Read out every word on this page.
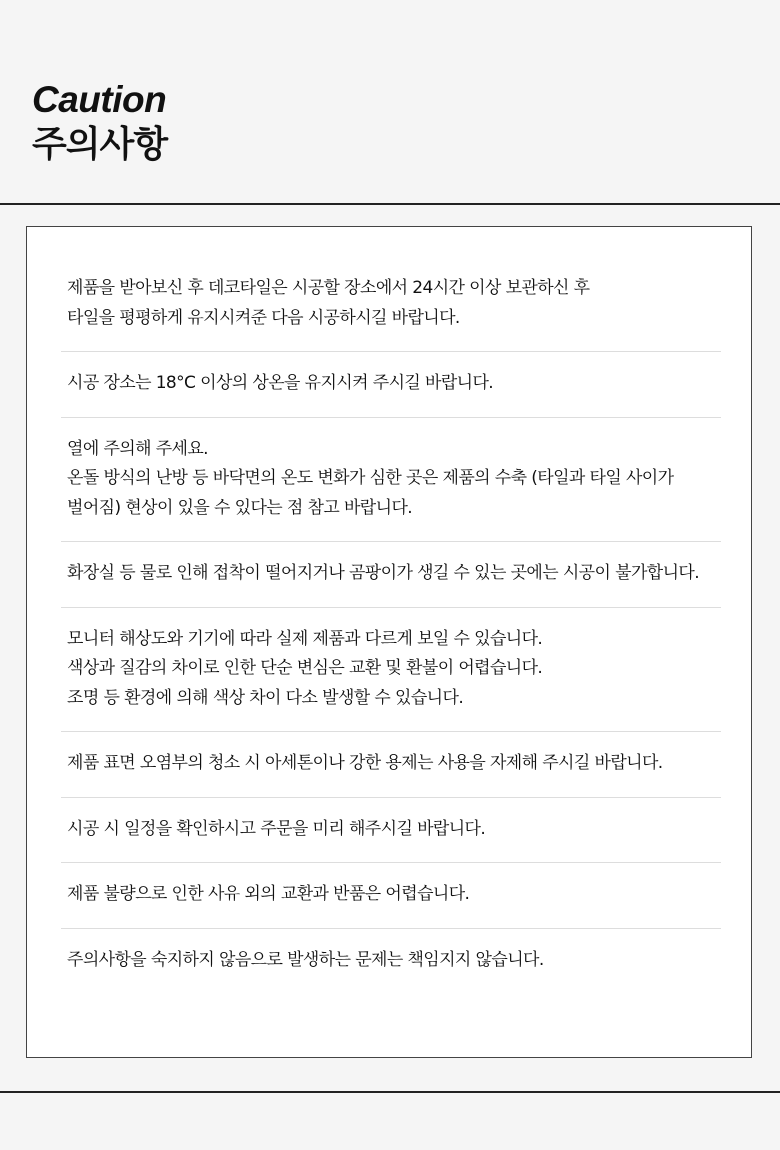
Caution

주의사항

제품을 받아보신 후 데코타일은 시공할 장소에서 24시간 이상 보관하신 후
타일을 평평하게 유지시켜준 다음 시공하시길 바랍니다.
시공 장소는 18°C 이상의 상온을 유지시켜 주시길 바랍니다.
열에 주의해 주세요.
온돌 방식의 난방 등 바닥면의 온도 변화가 심한 곳은 제품의 수축 (타일과 타일 사이가
벌어짐) 현상이 있을 수 있다는 점 참고 바랍니다.
화장실 등 물로 인해 접착이 떨어지거나 곰팡이가 생길 수 있는 곳에는 시공이 불가합니다.
모니터 해상도와 기기에 따라 실제 제품과 다르게 보일 수 있습니다.
색상과 질감의 차이로 인한 단순 변심은 교환 및 환불이 어렵습니다.
조명 등 환경에 의해 색상 차이 다소 발생할 수 있습니다.
제품 표면 오염부의 청소 시 아세톤이나 강한 용제는 사용을 자제해 주시길 바랍니다.
시공 시 일정을 확인하시고 주문을 미리 해주시길 바랍니다.
제품 불량으로 인한 사유 외의 교환과 반품은 어렵습니다.
주의사항을 숙지하지 않음으로 발생하는 문제는 책임지지 않습니다.
